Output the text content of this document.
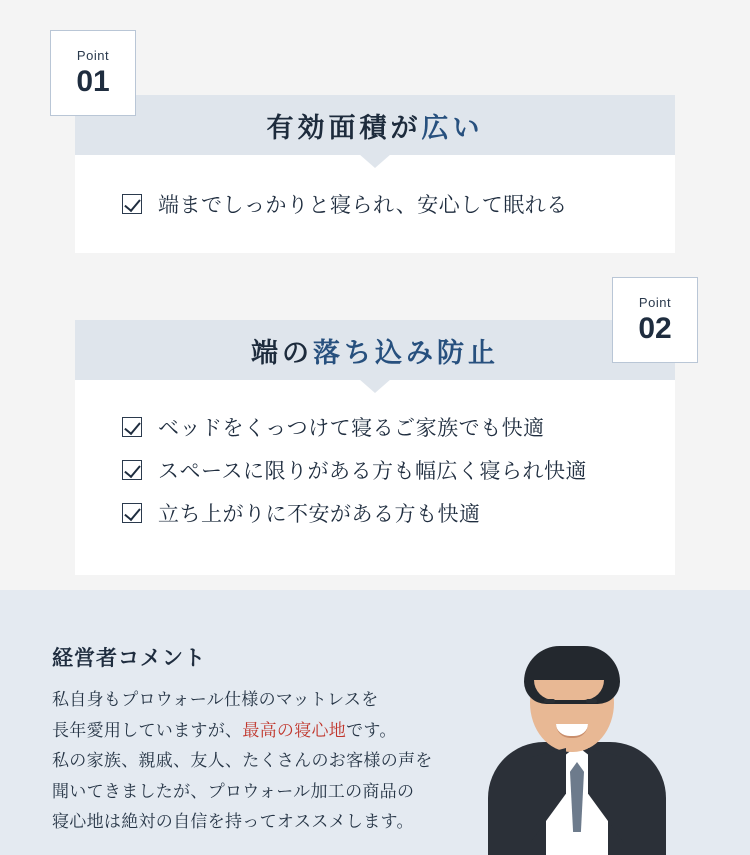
Point
01
有効面積が広い
端までしっかりと寝られ、安心して眠れる
Point
02
端の落ち込み防止
ベッドをくっつけて寝るご家族でも快適
スペースに限りがある方も幅広く寝られ快適
立ち上がりに不安がある方も快適
経営者コメント

私自身もプロウォール仕様のマットレスを

長年愛用していますが、最高の寝心地です。

私の家族、親戚、友人、たくさんのお客様の声を

聞いてきましたが、プロウォール加工の商品の

寝心地は絶対の自信を持ってオススメします。
